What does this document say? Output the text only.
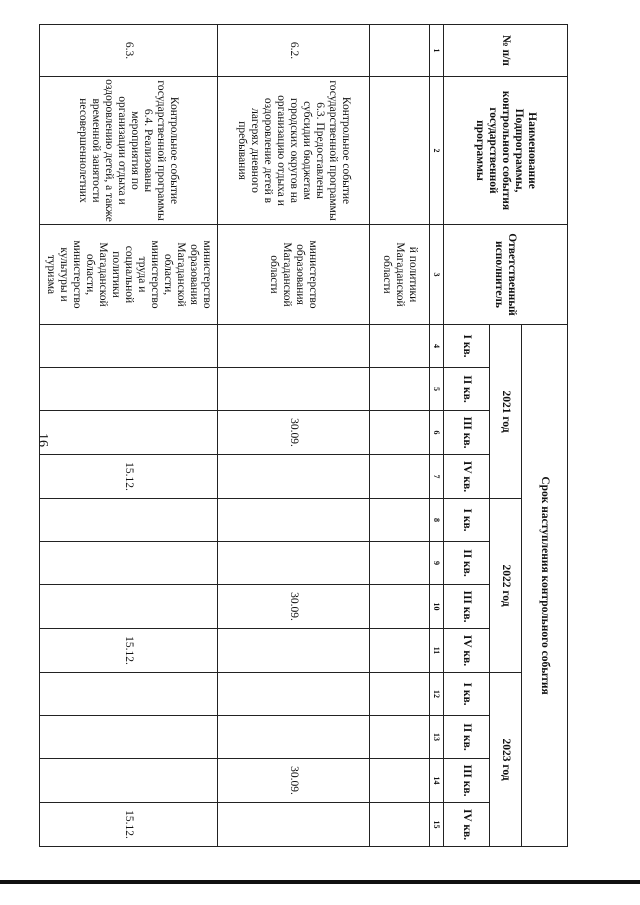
16
№ п/п	Наименование Подпрограммы, контрольного события государственной программы	Ответственный исполнитель	Срок наступления контрольного события											
			2021 год				2022 год				2023 год			
			I кв.	II кв.	III кв.	IV кв.	I кв.	II кв.	III кв.	IV кв.	I кв.	II кв.	III кв.	IV кв.
1	2	3	4	5	6	7	8	9	10	11	12	13	14	15
		й политики Магаданской области												
6.2.	Контрольное событие государственной программы 6.3. Предоставлены субсидии бюджетам городских округов на организацию отдыха и оздоровление детей в лагерях дневного пребывания	министерство образования Магаданской области			30.09.				30.09.				30.09.	
6.3.	Контрольное событие государственной программы 6.4. Реализованы мероприятия по организации отдыха и оздоровлению детей, а также временной занятости несовершеннолетних	министерство образования Магаданской области, министерство труда и социальной политики Магаданской области, министерство культуры и туризма				15.12.				15.12.				15.12.
